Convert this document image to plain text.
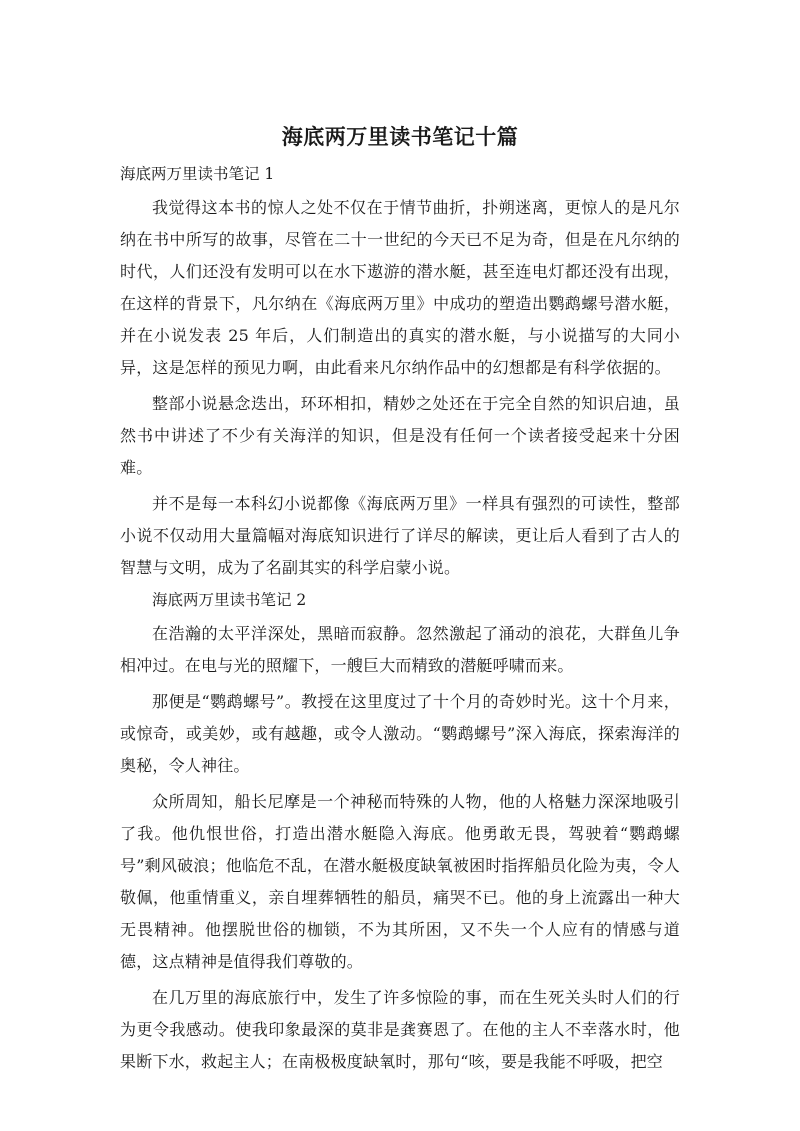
海底两万里读书笔记十篇
海底两万里读书笔记 1

我觉得这本书的惊人之处不仅在于情节曲折，扑朔迷离，更惊人的是凡尔纳在书中所写的故事，尽管在二十一世纪的今天已不足为奇，但是在凡尔纳的时代，人们还没有发明可以在水下遨游的潜水艇，甚至连电灯都还没有出现，在这样的背景下，凡尔纳在《海底两万里》中成功的塑造出鹦鹉螺号潜水艇，并在小说发表 25 年后，人们制造出的真实的潜水艇，与小说描写的大同小异，这是怎样的预见力啊，由此看来凡尔纳作品中的幻想都是有科学依据的。

整部小说悬念迭出，环环相扣，精妙之处还在于完全自然的知识启迪，虽然书中讲述了不少有关海洋的知识，但是没有任何一个读者接受起来十分困难。

并不是每一本科幻小说都像《海底两万里》一样具有强烈的可读性，整部小说不仅动用大量篇幅对海底知识进行了详尽的解读，更让后人看到了古人的智慧与文明，成为了名副其实的科学启蒙小说。

海底两万里读书笔记 2

在浩瀚的太平洋深处，黑暗而寂静。忽然激起了涌动的浪花，大群鱼儿争相冲过。在电与光的照耀下，一艘巨大而精致的潜艇呼啸而来。

那便是“鹦鹉螺号”。教授在这里度过了十个月的奇妙时光。这十个月来，或惊奇，或美妙，或有越趣，或令人激动。“鹦鹉螺号”深入海底，探索海洋的奥秘，令人神往。

众所周知，船长尼摩是一个神秘而特殊的人物，他的人格魅力深深地吸引了我。他仇恨世俗，打造出潜水艇隐入海底。他勇敢无畏，驾驶着“鹦鹉螺号”剩风破浪；他临危不乱，在潜水艇极度缺氧被困时指挥船员化险为夷，令人敬佩，他重情重义，亲自埋葬牺牲的船员，痛哭不已。他的身上流露出一种大无畏精神。他摆脱世俗的枷锁，不为其所困，又不失一个人应有的情感与道德，这点精神是值得我们尊敬的。

在几万里的海底旅行中，发生了许多惊险的事，而在生死关头时人们的行为更令我感动。使我印象最深的莫非是龚赛恩了。在他的主人不幸落水时，他果断下水，救起主人；在南极极度缺氧时，那句“咳，要是我能不呼吸，把空
